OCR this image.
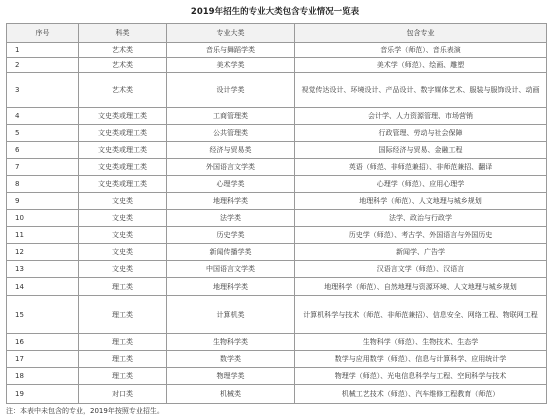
2019年招生的专业大类包含专业情况一览表
序号	科类	专业大类	包含专业
1	艺术类	音乐与舞蹈学类	音乐学（师范）、音乐表演
2	艺术类	美术学类	美术学（师范）、绘画、雕塑
3	艺术类	设计学类	视觉传达设计、环境设计、产品设计、数字媒体艺术、服装与服饰设计、动画
4	文史类或理工类	工商管理类	会计学、人力资源管理、市场营销
5	文史类或理工类	公共管理类	行政管理、劳动与社会保障
6	文史类或理工类	经济与贸易类	国际经济与贸易、金融工程
7	文史类或理工类	外国语言文学类	英语（师范、非师范兼招）、非师范兼招、翻译
8	文史类或理工类	心理学类	心理学（师范）、应用心理学
9	文史类	地理科学类	地理科学（师范）、人文地理与城乡规划
10	文史类	法学类	法学、政治与行政学
11	文史类	历史学类	历史学（师范）、考古学、外国语言与外国历史
12	文史类	新闻传播学类	新闻学、广告学
13	文史类	中国语言文学类	汉语言文学（师范）、汉语言
14	理工类	地理科学类	地理科学（师范）、自然地理与资源环境、人文地理与城乡规划
15	理工类	计算机类	计算机科学与技术（师范、非师范兼招）、信息安全、网络工程、物联网工程
16	理工类	生物科学类	生物科学（师范）、生物技术、生态学
17	理工类	数学类	数学与应用数学（师范）、信息与计算科学、应用统计学
18	理工类	物理学类	物理学（师范）、光电信息科学与工程、空间科学与技术
19	对口类	机械类	机械工艺技术（师范）、汽车维修工程教育（师范）
注：本表中未包含的专业，2019年按照专业招生。
